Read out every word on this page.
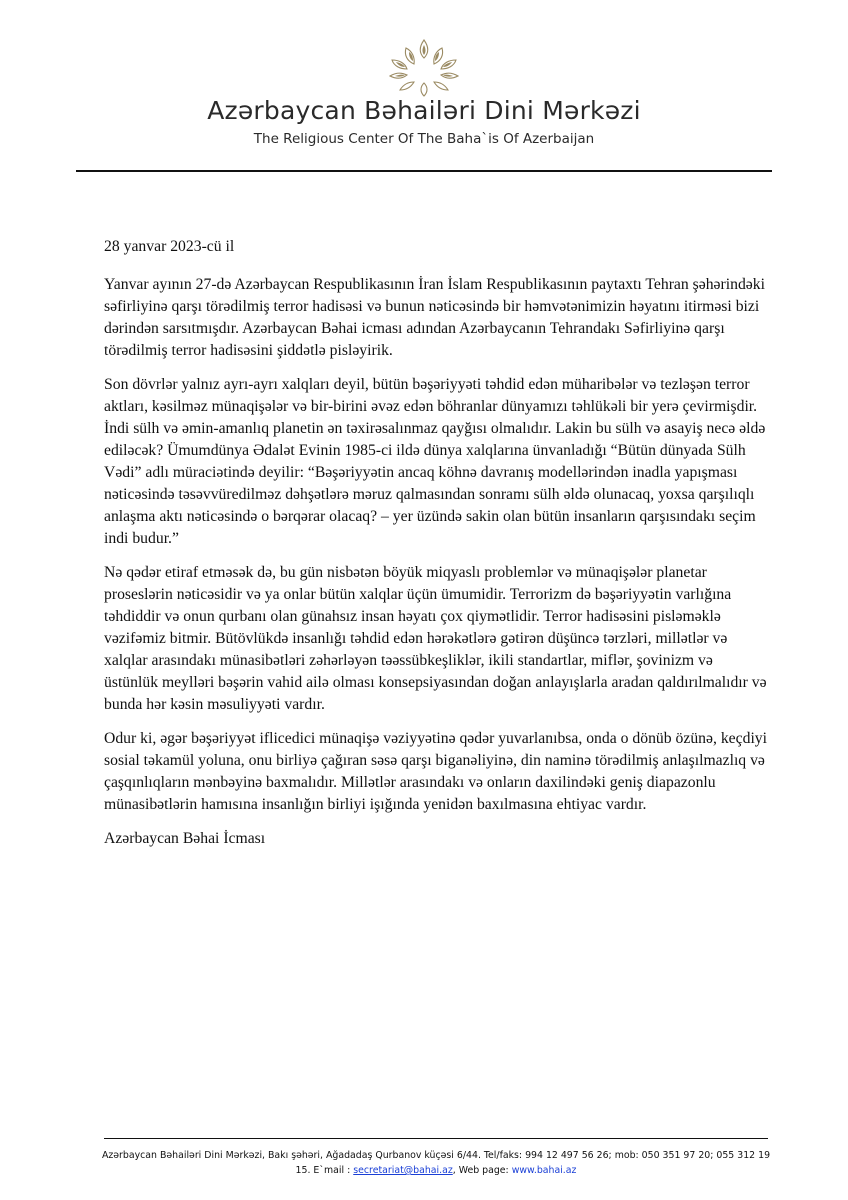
Azərbaycan Bəhailəri Dini Mərkəzi
The Religious Center Of The Baha`is Of Azerbaijan

28 yanvar 2023-cü il

Yanvar ayının 27-də Azərbaycan Respublikasının İran İslam Respublikasının paytaxtı Tehran şəhərindəki səfirliyinə qarşı törədilmiş terror hadisəsi və bunun nəticəsində bir həmvətənimizin həyatını itirməsi bizi dərindən sarsıtmışdır. Azərbaycan Bəhai icması adından Azərbaycanın Tehrandakı Səfirliyinə qarşı törədilmiş terror hadisəsini şiddətlə pisləyirik.

Son dövrlər yalnız ayrı-ayrı xalqları deyil, bütün bəşəriyyəti təhdid edən müharibələr və tezləşən terror aktları, kəsilməz münaqişələr və bir-birini əvəz edən böhranlar dünyamızı təhlükəli bir yerə çevirmişdir. İndi sülh və əmin-amanlıq planetin ən təxirəsalınmaz qayğısı olmalıdır. Lakin bu sülh və asayiş necə əldə ediləcək? Ümumdünya Ədalət Evinin 1985-ci ildə dünya xalqlarına ünvanladığı “Bütün dünyada Sülh Vədi” adlı müraciətində deyilir: “Bəşəriyyətin ancaq köhnə davranış modellərindən inadla yapışması nəticəsində təsəvvüredilməz dəhşətlərə məruz qalmasından sonramı sülh əldə olunacaq, yoxsa qarşılıqlı anlaşma aktı nəticəsində o bərqərar olacaq? – yer üzündə sakin olan bütün insanların qarşısındakı seçim indi budur.”

Nə qədər etiraf etməsək də, bu gün nisbətən böyük miqyaslı problemlər və münaqişələr planetar proseslərin nəticəsidir və ya onlar bütün xalqlar üçün ümumidir. Terrorizm də bəşəriyyətin varlığına təhdiddir və onun qurbanı olan günahsız insan həyatı çox qiymətlidir. Terror hadisəsini pisləməklə vəzifəmiz bitmir. Bütövlükdə insanlığı təhdid edən hərəkətlərə gətirən düşüncə tərzləri, millətlər və xalqlar arasındakı münasibətləri zəhərləyən təəssübkeşliklər, ikili standartlar, miflər, şovinizm və üstünlük meylləri bəşərin vahid ailə olması konsepsiyasından doğan anlayışlarla aradan qaldırılmalıdır və bunda hər kəsin məsuliyyəti vardır.

Odur ki, əgər bəşəriyyət iflicedici münaqişə vəziyyətinə qədər yuvarlanıbsa, onda o dönüb özünə, keçdiyi sosial təkamül yoluna, onu birliyə çağıran səsə qarşı biganəliyinə, din naminə törədilmiş anlaşılmazlıq və çaşqınlıqların mənbəyinə baxmalıdır. Millətlər arasındakı və onların daxilindəki geniş diapazonlu münasibətlərin hamısına insanlığın birliyi işığında yenidən baxılmasına ehtiyac vardır.

Azərbaycan Bəhai İcması

Azərbaycan Bəhailəri Dini Mərkəzi, Bakı şəhəri, Ağadadaş Qurbanov küçəsi 6/44. Tel/faks: 994 12 497 56 26; mob: 050 351 97 20; 055 312 19 15. E`mail : secretariat@bahai.az, Web page: www.bahai.az
